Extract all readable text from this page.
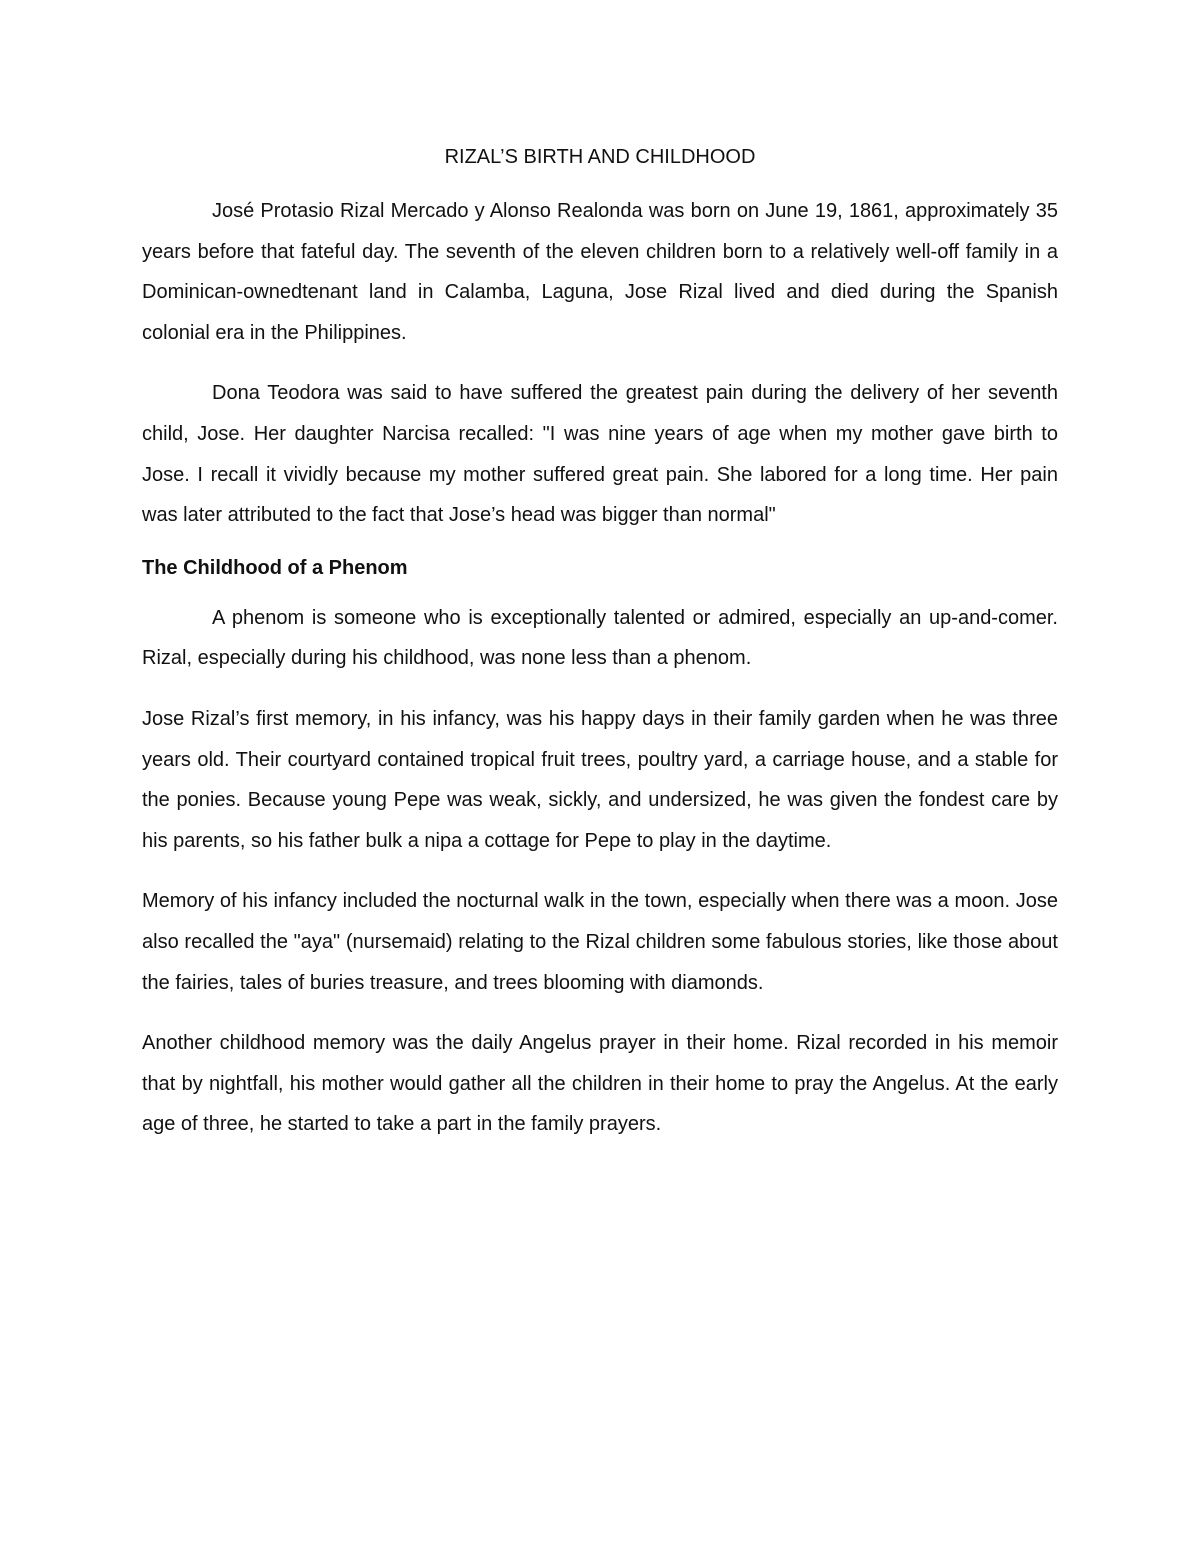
RIZAL’S BIRTH AND CHILDHOOD

José Protasio Rizal Mercado y Alonso Realonda was born on June 19, 1861, approximately 35 years before that fateful day. The seventh of the eleven children born to a relatively well-off family in a Dominican-ownedtenant land in Calamba, Laguna, Jose Rizal lived and died during the Spanish colonial era in the Philippines.

Dona Teodora was said to have suffered the greatest pain during the delivery of her seventh child, Jose. Her daughter Narcisa recalled: "I was nine years of age when my mother gave birth to Jose. I recall it vividly because my mother suffered great pain. She labored for a long time. Her pain was later attributed to the fact that Jose’s head was bigger than normal"

The Childhood of a Phenom

A phenom is someone who is exceptionally talented or admired, especially an up-and-comer. Rizal, especially during his childhood, was none less than a phenom.

Jose Rizal’s first memory, in his infancy, was his happy days in their family garden when he was three years old. Their courtyard contained tropical fruit trees, poultry yard, a carriage house, and a stable for the ponies. Because young Pepe was weak, sickly, and undersized, he was given the fondest care by his parents, so his father bulk a nipa a cottage for Pepe to play in the daytime.

Memory of his infancy included the nocturnal walk in the town, especially when there was a moon. Jose also recalled the "aya" (nursemaid) relating to the Rizal children some fabulous stories, like those about the fairies, tales of buries treasure, and trees blooming with diamonds.

Another childhood memory was the daily Angelus prayer in their home. Rizal recorded in his memoir that by nightfall, his mother would gather all the children in their home to pray the Angelus. At the early age of three, he started to take a part in the family prayers.
